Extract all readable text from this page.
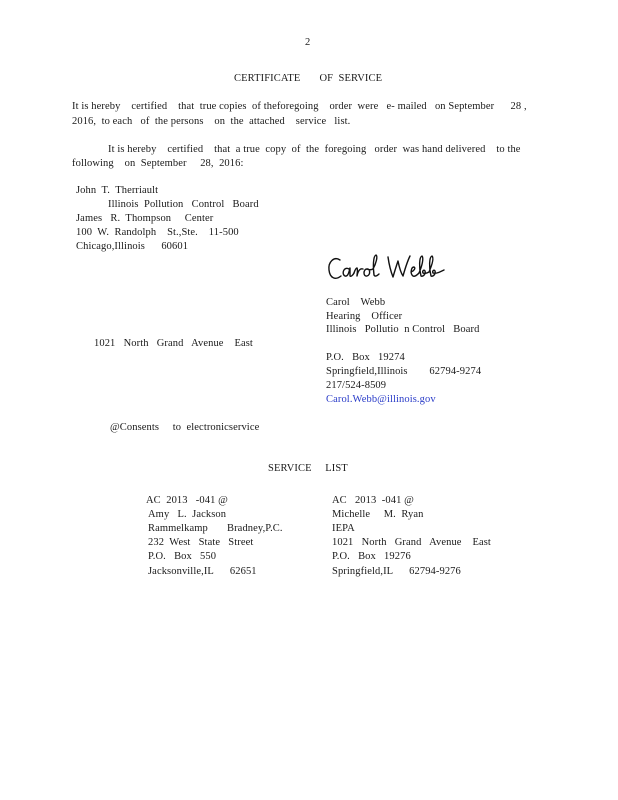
2
CERTIFICATE       OF  SERVICE
It is hereby    certified    that  true copies  of theforegoing    order  were   e- mailed   on September      28 ,
2016,  to each   of  the persons    on  the  attached    service   list.
It is hereby    certified    that  a true  copy  of  the  foregoing   order  was hand delivered    to the
following    on  September     28,  2016:
John  T.  Therriault
Illinois  Pollution   Control   Board
James   R.  Thompson     Center
100  W.  Randolph    St.,Ste.    11-500
Chicago,Illinois      60601
Carol    Webb
Hearing    Officer
Illinois   Pollutio  n Control   Board
P.O.   Box   19274
Springfield,Illinois        62794-9274
217/524-8509
Carol.Webb@illinois.gov
1021   North   Grand   Avenue    East
@Consents     to  electronicservice
SERVICE     LIST
AC  2013   -041 @
Amy   L.  Jackson
Rammelkamp       Bradney,P.C.
232  West   State   Street
P.O.   Box   550
Jacksonville,IL      62651
AC   2013  -041 @
Michelle     M.  Ryan
IEPA
1021   North   Grand   Avenue    East
P.O.   Box   19276
Springfield,IL      62794-9276
